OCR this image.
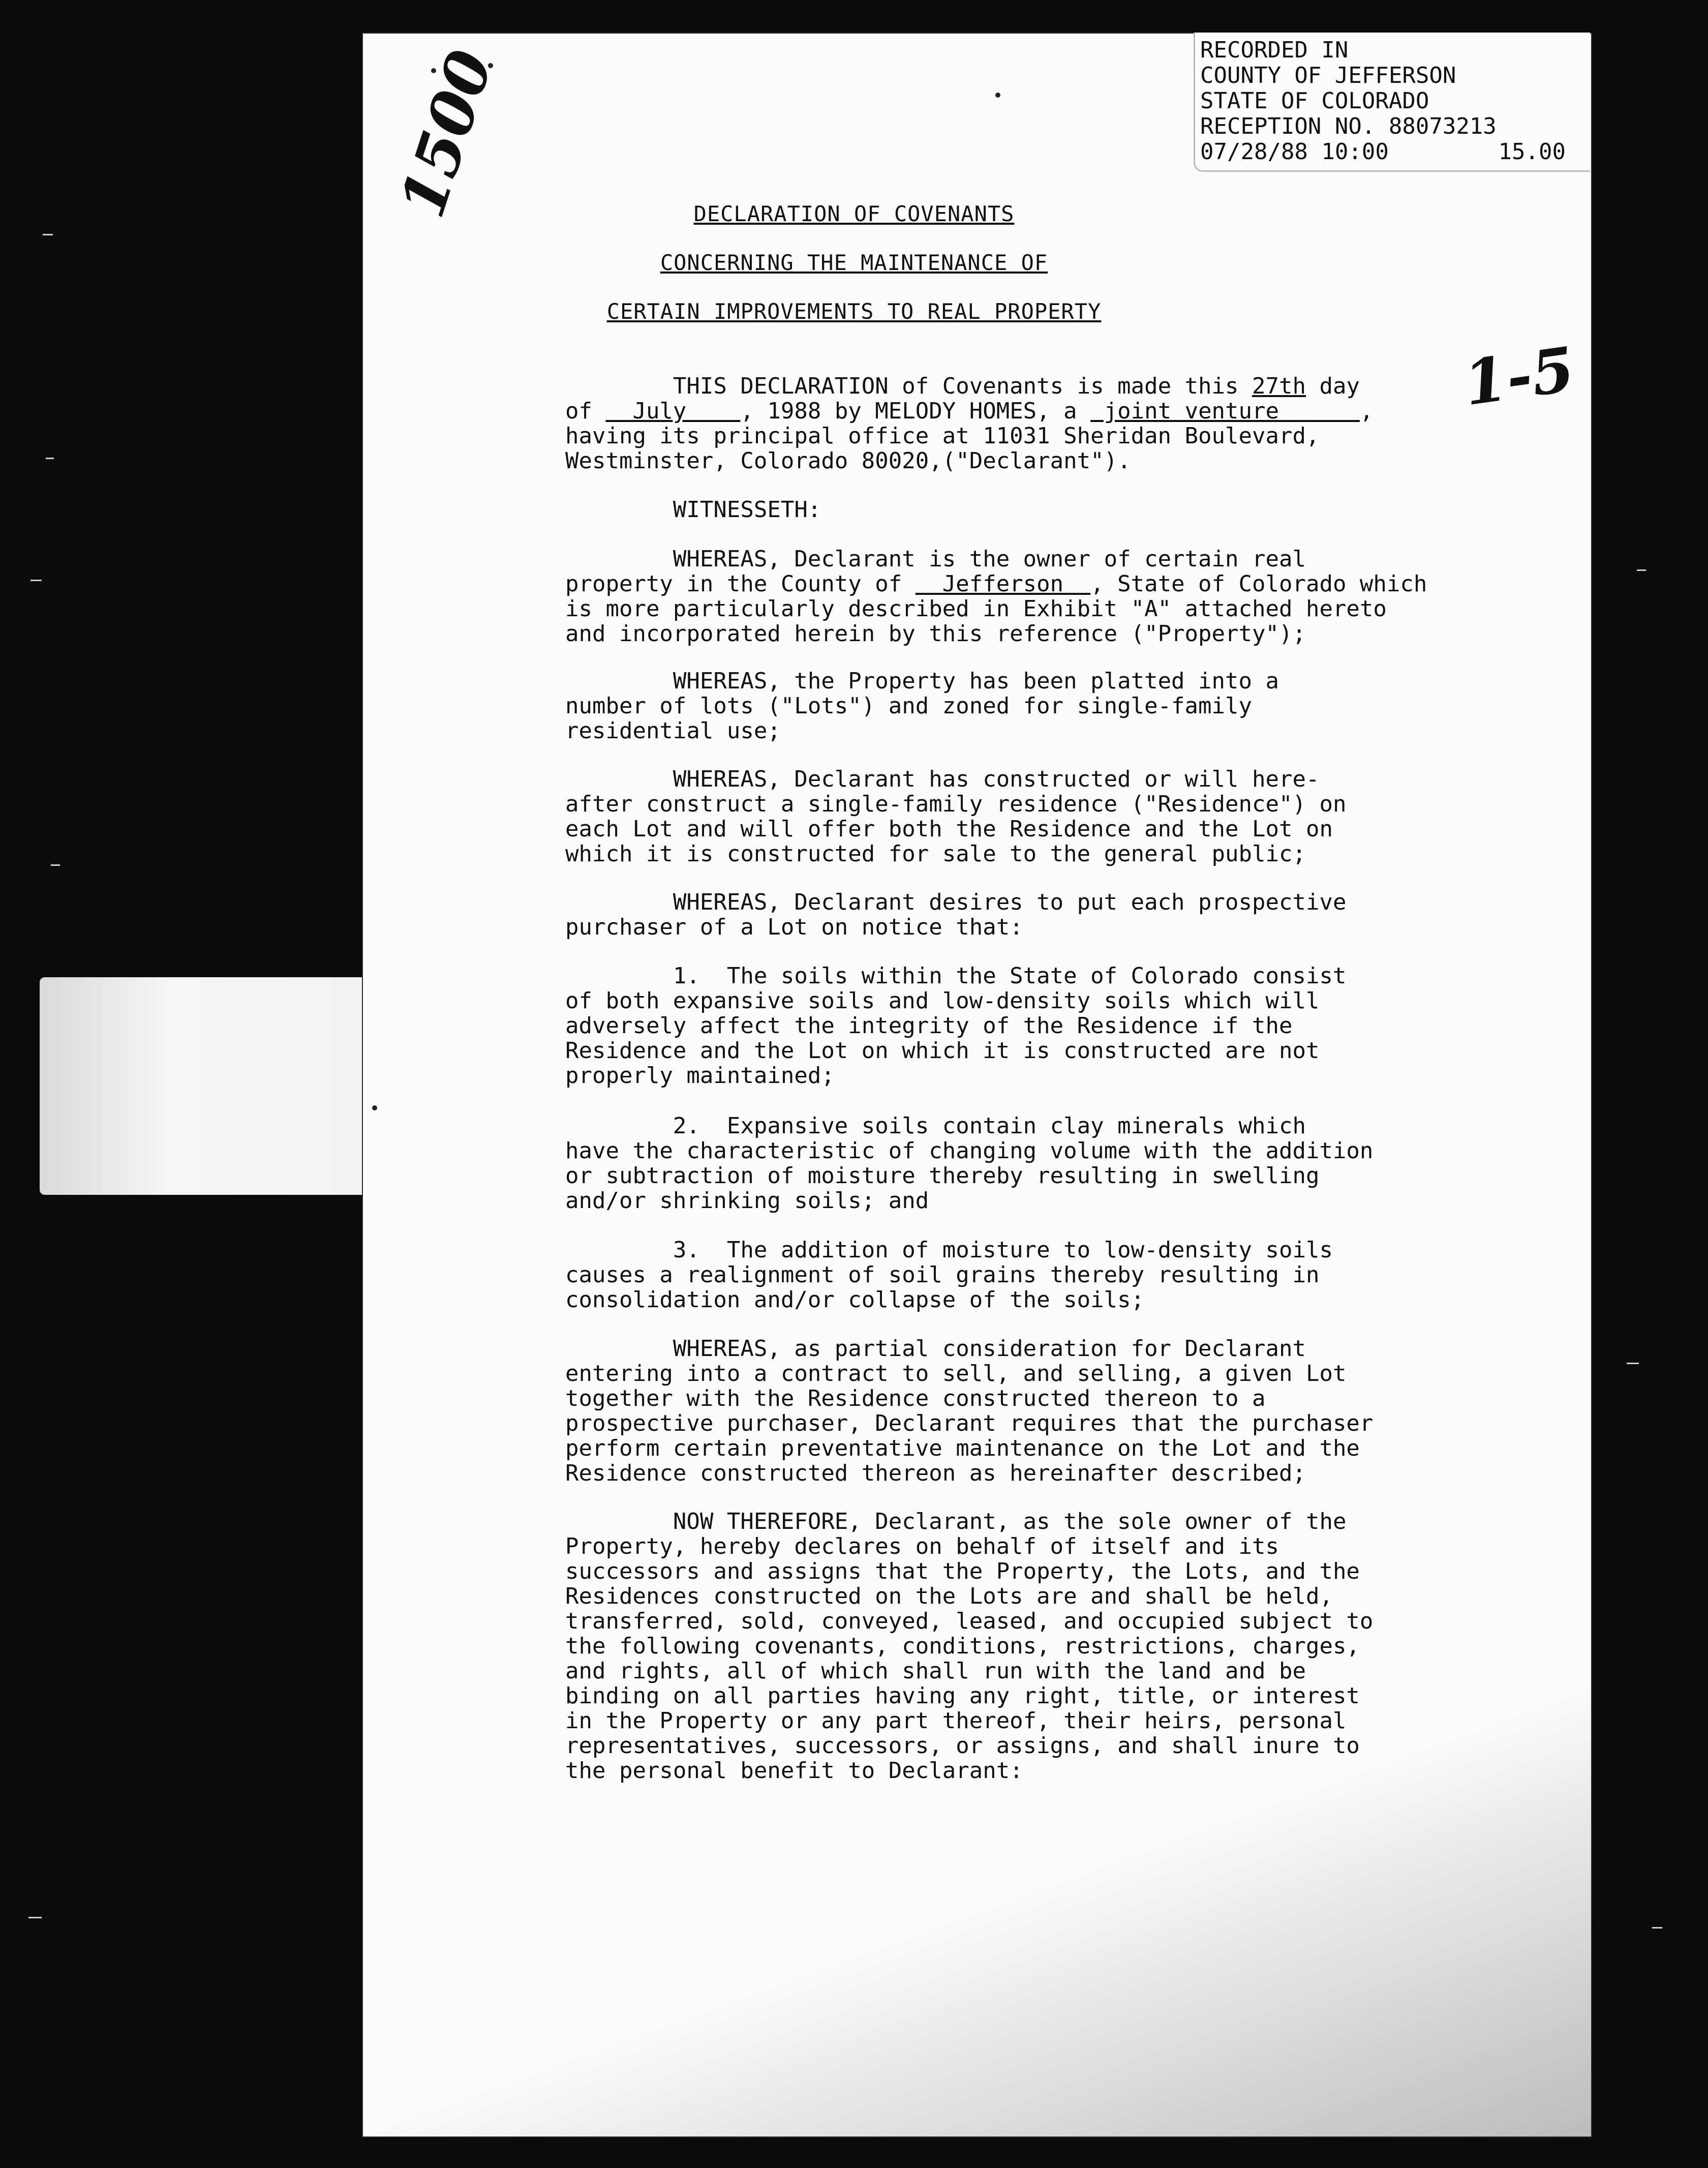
RECORDED IN
COUNTY OF JEFFERSON
STATE OF COLORADO
RECEPTION NO. 88073213
07/28/88 10:00	15.00
1500
1-5
DECLARATION OF COVENANTS
CONCERNING THE MAINTENANCE OF
CERTAIN IMPROVEMENTS TO REAL PROPERTY
THIS DECLARATION of Covenants is made this 27th day
of   July    , 1988 by MELODY HOMES, a  joint venture      ,
having its principal office at 11031 Sheridan Boulevard,
Westminster, Colorado 80020,("Declarant").
WITNESSETH:
WHEREAS, Declarant is the owner of certain real
property in the County of   Jefferson  , State of Colorado which
is more particularly described in Exhibit "A" attached hereto
and incorporated herein by this reference ("Property");
WHEREAS, the Property has been platted into a
number of lots ("Lots") and zoned for single-family
residential use;
WHEREAS, Declarant has constructed or will here-
after construct a single-family residence ("Residence") on
each Lot and will offer both the Residence and the Lot on
which it is constructed for sale to the general public;
WHEREAS, Declarant desires to put each prospective
purchaser of a Lot on notice that:
1.  The soils within the State of Colorado consist
of both expansive soils and low-density soils which will
adversely affect the integrity of the Residence if the
Residence and the Lot on which it is constructed are not
properly maintained;
2.  Expansive soils contain clay minerals which
have the characteristic of changing volume with the addition
or subtraction of moisture thereby resulting in swelling
and/or shrinking soils; and
3.  The addition of moisture to low-density soils
causes a realignment of soil grains thereby resulting in
consolidation and/or collapse of the soils;
WHEREAS, as partial consideration for Declarant
entering into a contract to sell, and selling, a given Lot
together with the Residence constructed thereon to a
prospective purchaser, Declarant requires that the purchaser
perform certain preventative maintenance on the Lot and the
Residence constructed thereon as hereinafter described;
NOW THEREFORE, Declarant, as the sole owner of the
Property, hereby declares on behalf of itself and its
successors and assigns that the Property, the Lots, and the
Residences constructed on the Lots are and shall be held,
transferred, sold, conveyed, leased, and occupied subject to
the following covenants, conditions, restrictions, charges,
and rights, all of which shall run with the land and be
binding on all parties having any right, title, or interest
in the Property or any part thereof, their heirs, personal
representatives, successors, or assigns, and shall inure to
the personal benefit to Declarant:
